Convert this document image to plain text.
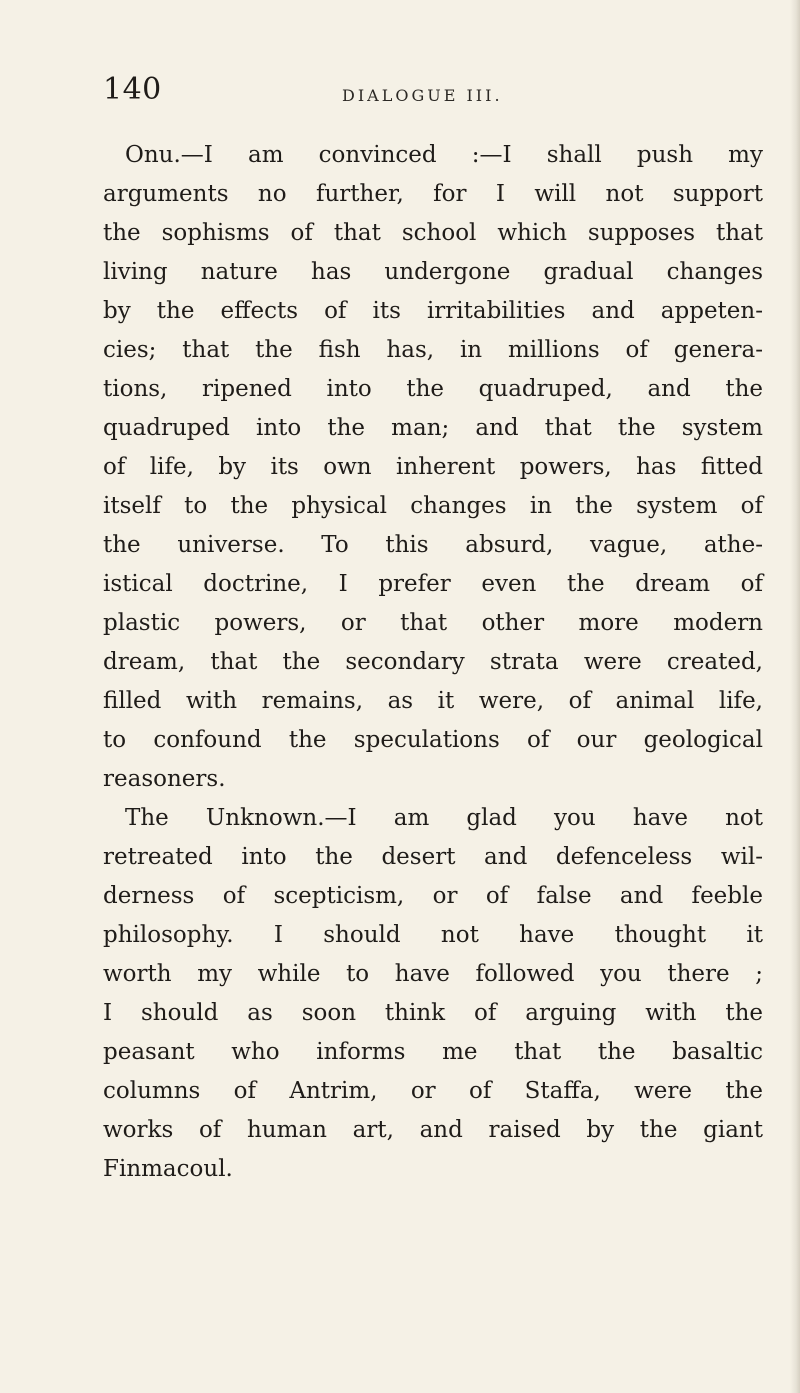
140	DIALOGUE III.
Onu.—I am convinced :—I shall push my
arguments no further, for I will not support
the sophisms of that school which supposes that
living nature has undergone gradual changes
by the effects of its irritabilities and appeten-
cies; that the fish has, in millions of genera-
tions, ripened into the quadruped, and the
quadruped into the man; and that the system
of life, by its own inherent powers, has fitted
itself to the physical changes in the system of
the universe. To this absurd, vague, athe-
istical doctrine, I prefer even the dream of
plastic powers, or that other more modern
dream, that the secondary strata were created,
filled with remains, as it were, of animal life,
to confound the speculations of our geological
reasoners.
The Unknown.—I am glad you have not
retreated into the desert and defenceless wil-
derness of scepticism, or of false and feeble
philosophy. I should not have thought it
worth my while to have followed you there ;
I should as soon think of arguing with the
peasant who informs me that the basaltic
columns of Antrim, or of Staffa, were the
works of human art, and raised by the giant
Finmacoul.
